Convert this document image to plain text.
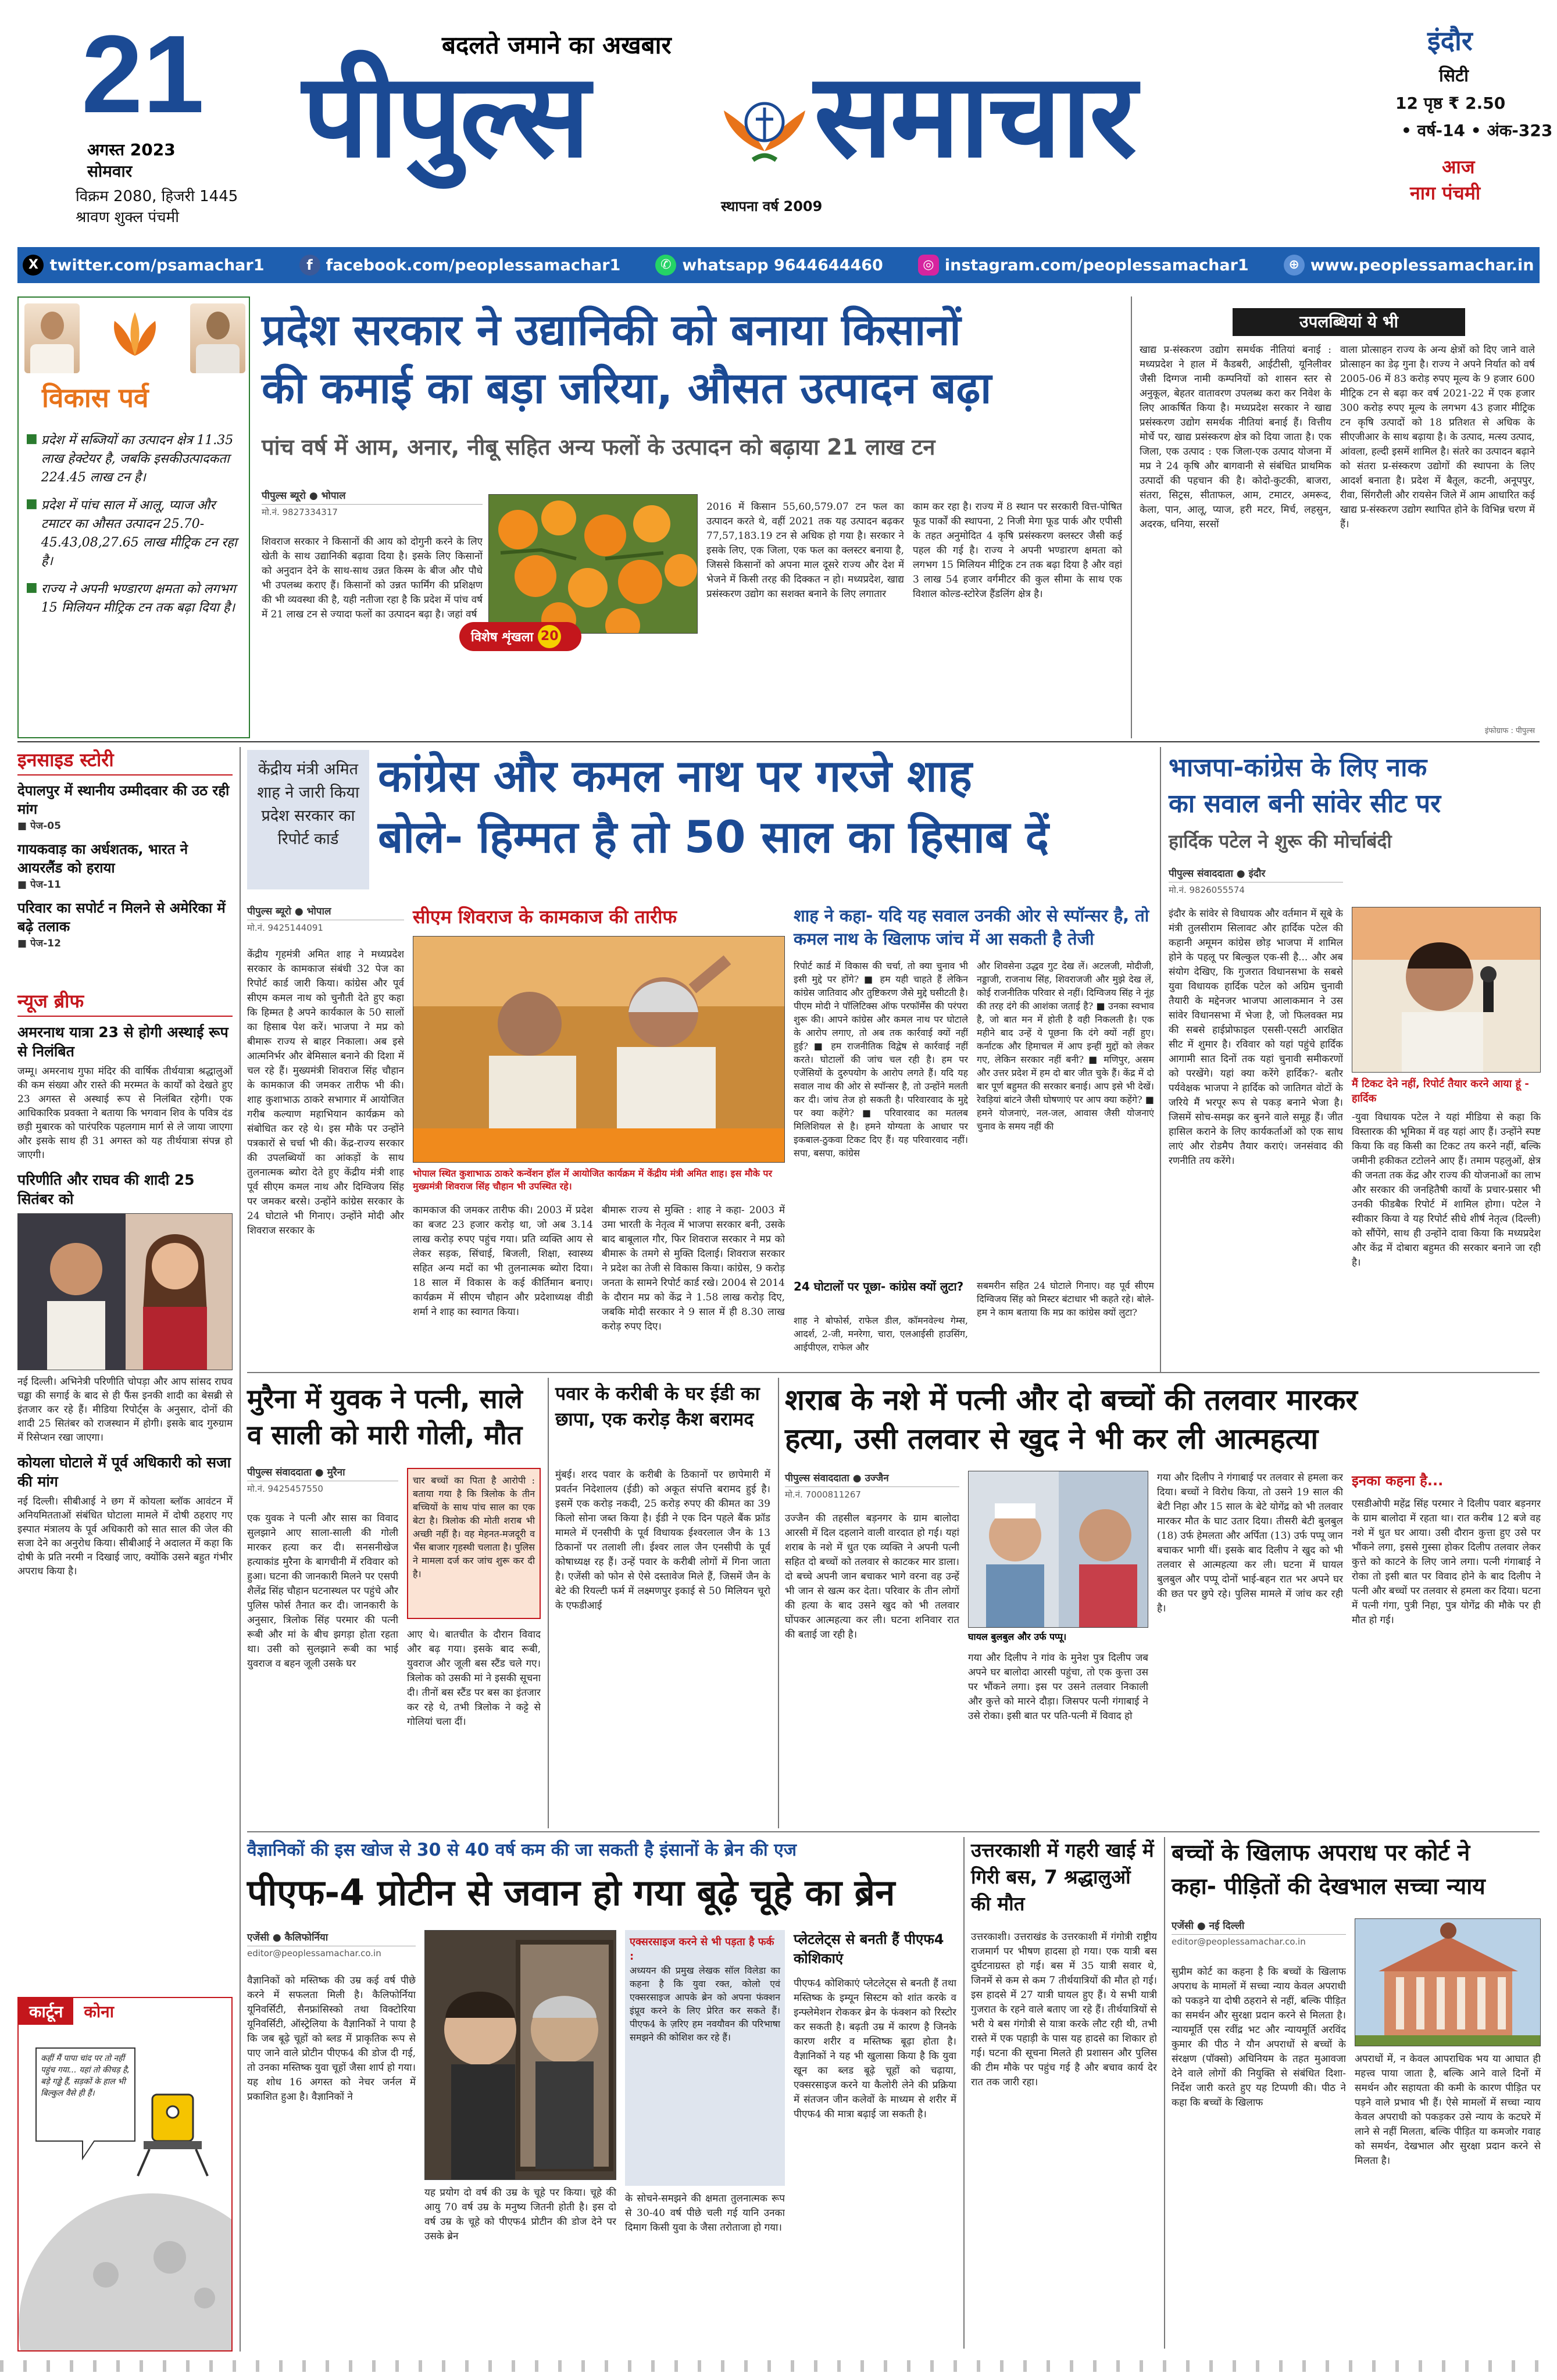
21
अगस्त 2023
सोमवार
विक्रम 2080, हिजरी 1445
श्रावण शुक्ल पंचमी
बदलते जमाने का अखबार
पीपुल्स समाचार
स्थापना वर्ष 2009
इंदौर
सिटी
12 पृष्ठ ₹ 2.50
• वर्ष-14 • अंक-323
आज
नाग पंचमी
X twitter.com/psamachar1	f facebook.com/peoplessamachar1	✆ whatsapp 9644644460	◎ instagram.com/peoplessamachar1	⊕ www.peoplessamachar.in
विकास पर्व
■ प्रदेश में सब्जियों का उत्पादन क्षेत्र 11.35 लाख हेक्टेयर है, जबकि इसकीउत्पादकता 224.45 लाख टन है।
■ प्रदेश में पांच साल में आलू, प्याज और टमाटर का औसत उत्पादन 25.70-45.43,08,27.65 लाख मीट्रिक टन रहा है।
■ राज्य ने अपनी भण्डारण क्षमता को लगभग 15 मिलियन मीट्रिक टन तक बढ़ा दिया है।
प्रदेश सरकार ने उद्यानिकी को बनाया किसानों
की कमाई का बड़ा जरिया, औसत उत्पादन बढ़ा
पांच वर्ष में आम, अनार, नीबू सहित अन्य फलों के उत्पादन को बढ़ाया 21 लाख टन
पीपुल्स ब्यूरो ● भोपाल
मो.नं. 9827334317
शिवराज सरकार ने किसानों की आय को दोगुनी करने के लिए खेती के साथ उद्यानिकी बढ़ावा दिया है। इसके लिए किसानों को अनुदान देने के साथ-साथ उन्नत किस्म के बीज और पौधे भी उपलब्ध कराए हैं। किसानों को उन्नत फार्मिंग की प्रशिक्षण की भी व्यवस्था की है, यही नतीजा रहा है कि प्रदेश में पांच वर्ष में 21 लाख टन से ज्यादा फलों का उत्पादन बढ़ा है। जहां वर्ष
विशेष शृंखला 20
2016 में किसान 55,60,579.07 टन फल का उत्पादन करते थे, वहीं 2021 तक यह उत्पादन बढ़कर 77,57,183.19 टन से अधिक हो गया है। सरकार ने इसके लिए, एक जिला, एक फल का क्लस्टर बनाया है, जिससे किसानों को अपना माल दूसरे राज्य और देश में भेजने में किसी तरह की दिक्कत न हो। मध्यप्रदेश, खाद्य प्रसंस्करण उद्योग का सशक्त बनाने के लिए लगातार
काम कर रहा है। राज्य में 8 स्थान पर सरकारी वित्त-पोषित फूड पार्कों की स्थापना, 2 निजी मेगा फूड पार्क और एपीसी के तहत अनुमोदित 4 कृषि प्रसंस्करण क्लस्टर जैसी कई पहल की गई है। राज्य ने अपनी भण्डारण क्षमता को लगभग 15 मिलियन मीट्रिक टन तक बढ़ा दिया है और वहां 3 लाख 54 हजार वर्गमीटर की कुल सीमा के साथ एक विशाल कोल्ड-स्टोरेज हैंडलिंग क्षेत्र है।
उपलब्धियां ये भी
खाद्य प्र-संस्करण उद्योग समर्थक नीतियां बनाई : मध्यप्रदेश ने हाल में कैडबरी, आईटीसी, यूनिलीवर जैसी दिग्गज नामी कम्पनियों को शासन स्तर से अनुकूल, बेहतर वातावरण उपलब्ध करा कर निवेश के लिए आकर्षित किया है। मध्यप्रदेश सरकार ने खाद्य प्रसंस्करण उद्योग समर्थक नीतियां बनाई हैं। वित्तीय मोर्चे पर, खाद्य प्रसंस्करण क्षेत्र को दिया जाता है। एक जिला, एक उत्पाद : एक जिला-एक उत्पाद योजना में मप्र ने 24 कृषि और बागवानी से संबंधित प्राथमिक उत्पादों की पहचान की है। कोदो-कुटकी, बाजरा, संतरा, सिट्रस, सीताफल, आम, टमाटर, अमरूद, केला, पान, आलू, प्याज, हरी मटर, मिर्च, लहसुन, अदरक, धनिया, सरसों
वाला प्रोत्साहन राज्य के अन्य क्षेत्रों को दिए जाने वाले प्रोत्साहन का डेढ़ गुना है। राज्य ने अपने निर्यात को वर्ष 2005-06 में 83 करोड़ रुपए मूल्य के 9 हजार 600 मीट्रिक टन से बढ़ा कर वर्ष 2021-22 में एक हजार 300 करोड़ रुपए मूल्य के लगभग 43 हजार मीट्रिक टन कृषि उत्पादों को 18 प्रतिशत से अधिक के सीएजीआर के साथ बढ़ाया है। के उत्पाद, मत्स्य उत्पाद, आंवला, हल्दी इसमें शामिल है। संतरे का उत्पादन बढ़ाने को संतरा प्र-संस्करण उद्योगों की स्थापना के लिए आदर्श बनाता है। प्रदेश में बैतूल, कटनी, अनूपपुर, रीवा, सिंगरौली और रायसेन जिले में आम आधारित कई खाद्य प्र-संस्करण उद्योग स्थापित होने के विभिन्न चरण में हैं।
इंफोग्राफ : पीपुल्स
इनसाइड स्टोरी
देपालपुर में स्थानीय उम्मीदवार की उठ रही मांग
■ पेज-05
गायकवाड़ का अर्धशतक, भारत ने आयरलैंड को हराया
■ पेज-11
परिवार का सपोर्ट न मिलने से अमेरिका में बढ़े तलाक
■ पेज-12
न्यूज ब्रीफ
अमरनाथ यात्रा 23 से होगी अस्थाई रूप से निलंबित
जम्मू। अमरनाथ गुफा मंदिर की वार्षिक तीर्थयात्रा श्रद्धालुओं की कम संख्या और रास्ते की मरम्मत के कार्यों को देखते हुए 23 अगस्त से अस्थाई रूप से निलंबित रहेगी। एक आधिकारिक प्रवक्ता ने बताया कि भगवान शिव के पवित्र दंड छड़ी मुबारक को पारंपरिक पहलगाम मार्ग से ले जाया जाएगा और इसके साथ ही 31 अगस्त को यह तीर्थयात्रा संपन्न हो जाएगी।
परिणीति और राघव की शादी 25 सितंबर को
नई दिल्ली। अभिनेत्री परिणीति चोपड़ा और आप सांसद राघव चड्ढा की सगाई के बाद से ही फैंस इनकी शादी का बेसब्री से इंतजार कर रहे हैं। मीडिया रिपोर्ट्स के अनुसार, दोनों की शादी 25 सितंबर को राजस्थान में होगी। इसके बाद गुरुग्राम में रिसेप्शन रखा जाएगा।
कोयला घोटाले में पूर्व अधिकारी को सजा की मांग
नई दिल्ली। सीबीआई ने छग में कोयला ब्लॉक आवंटन में अनियमितताओं संबंधित घोटाला मामले में दोषी ठहराए गए इस्पात मंत्रालय के पूर्व अधिकारी को सात साल की जेल की सजा देने का अनुरोध किया। सीबीआई ने अदालत में कहा कि दोषी के प्रति नरमी न दिखाई जाए, क्योंकि उसने बहुत गंभीर अपराध किया है।
कार्टून	कोना
कहीं मैं पापा चांद पर तो नहीं पहुंच गया... यहां तो कीचड़ है, बड़े गड्ढे हैं, सड़कों के हाल भी बिल्कुल वैसे ही हैं।
केंद्रीय मंत्री अमित शाह ने जारी किया प्रदेश सरकार का रिपोर्ट कार्ड
कांग्रेस और कमल नाथ पर गरजे शाह
बोले- हिम्मत है तो 50 साल का हिसाब दें
पीपुल्स ब्यूरो ● भोपाल
मो.नं. 9425144091
केंद्रीय गृहमंत्री अमित शाह ने मध्यप्रदेश सरकार के कामकाज संबंधी 32 पेज का रिपोर्ट कार्ड जारी किया। कांग्रेस और पूर्व सीएम कमल नाथ को चुनौती देते हुए कहा कि हिम्मत है अपने कार्यकाल के 50 सालों का हिसाब पेश करें। भाजपा ने मप्र को बीमारू राज्य से बाहर निकाला। अब इसे आत्मनिर्भर और बेमिसाल बनाने की दिशा में चल रहे हैं। मुख्यमंत्री शिवराज सिंह चौहान के कामकाज की जमकर तारीफ भी की। शाह कुशाभाऊ ठाकरे सभागार में आयोजित गरीब कल्याण महाभियान कार्यक्रम को संबोधित कर रहे थे। इस मौके पर उन्होंने पत्रकारों से चर्चा भी की। केंद्र-राज्य सरकार की उपलब्धियों का आंकड़ों के साथ तुलनात्मक ब्योरा देते हुए केंद्रीय मंत्री शाह पूर्व सीएम कमल नाथ और दिग्विजय सिंह पर जमकर बरसे। उन्होंने कांग्रेस सरकार के 24 घोटाले भी गिनाए। उन्होंने मोदी और शिवराज सरकार के
सीएम शिवराज के कामकाज की तारीफ
भोपाल स्थित कुशाभाऊ ठाकरे कन्वेंशन हॉल में आयोजित कार्यक्रम में केंद्रीय मंत्री अमित शाह। इस मौके पर मुख्यमंत्री शिवराज सिंह चौहान भी उपस्थित रहे।
कामकाज की जमकर तारीफ की। 2003 में प्रदेश का बजट 23 हजार करोड़ था, जो अब 3.14 लाख करोड़ रुपए पहुंच गया। प्रति व्यक्ति आय से लेकर सड़क, सिंचाई, बिजली, शिक्षा, स्वास्थ्य सहित अन्य मदों का भी तुलनात्मक ब्योरा दिया। 18 साल में विकास के कई कीर्तिमान बनाए। कार्यक्रम में सीएम चौहान और प्रदेशाध्यक्ष वीडी शर्मा ने शाह का स्वागत किया।
बीमारू राज्य से मुक्ति : शाह ने कहा- 2003 में उमा भारती के नेतृत्व में भाजपा सरकार बनी, उसके बाद बाबूलाल गौर, फिर शिवराज सरकार ने मप्र को बीमारू के तमगे से मुक्ति दिलाई। शिवराज सरकार ने प्रदेश का तेजी से विकास किया। कांग्रेस, 9 करोड़ जनता के सामने रिपोर्ट कार्ड रखे। 2004 से 2014 के दौरान मप्र को केंद्र ने 1.58 लाख करोड़ दिए, जबकि मोदी सरकार ने 9 साल में ही 8.30 लाख करोड़ रुपए दिए।
शाह ने कहा- यदि यह सवाल उनकी ओर से स्पॉन्सर है, तो कमल नाथ के खिलाफ जांच में आ सकती है तेजी
रिपोर्ट कार्ड में विकास की चर्चा, तो क्या चुनाव भी इसी मुद्दे पर होंगे? ■ हम यही चाहते हैं लेकिन कांग्रेस जातिवाद और तुष्टिकरण जैसे मुद्दे घसीटती है। पीएम मोदी ने पॉलिटिक्स ऑफ परफॉर्मेंस की परंपरा शुरू की। आपने कांग्रेस और कमल नाथ पर घोटाले के आरोप लगाए, तो अब तक कार्रवाई क्यों नहीं हुई? ■ हम राजनीतिक विद्वेष से कार्रवाई नहीं करते। घोटालों की जांच चल रही है। हम पर एजेंसियों के दुरुपयोग के आरोप लगते हैं। यदि यह सवाल नाथ की ओर से स्पॉन्सर है, तो उन्होंने मलती कर दी। जांच तेज हो सकती है। परिवारवाद के मुद्दे पर क्या कहेंगे? ■ परिवारवाद का मतलब मिलिशियल से है। हमने योग्यता के आधार पर इकबाल-ठुकवा टिकट दिए हैं। यह परिवारवाद नहीं। सपा, बसपा, कांग्रेस
और शिवसेना उद्धव गुट देख लें। अटलजी, मोदीजी, नड्डाजी, राजनाथ सिंह, शिवराजजी और मुझे देख लें, कोई राजनीतिक परिवार से नहीं। दिग्विजय सिंह ने नूंह की तरह दंगे की आशंका जताई है? ■ उनका स्वभाव है, जो बात मन में होती है वही निकलती है। एक महीने बाद उन्हें ये पूछना कि दंगे क्यों नहीं हुए। कर्नाटक और हिमाचल में आप इन्हीं मुद्दों को लेकर गए, लेकिन सरकार नहीं बनी? ■ मणिपुर, असम और उत्तर प्रदेश में हम दो बार जीत चुके हैं। केंद्र में दो बार पूर्ण बहुमत की सरकार बनाई। आप इसे भी देखें। रेवड़ियां बांटने जैसी घोषणाएं पर आप क्या कहेंगे? ■ हमने योजनाएं, नल-जल, आवास जैसी योजनाएं चुनाव के समय नहीं की
24 घोटालों पर पूछा- कांग्रेस क्यों लुटा?
शाह ने बोफोर्स, राफेल डील, कॉमनवेल्थ गेम्स, आदर्श, 2-जी, मनरेगा, चारा, एलआईसी हाउसिंग, आईपीएल, राफेल और
सबमरीन सहित 24 घोटाले गिनाए। वह पूर्व सीएम दिग्विजय सिंह को मिस्टर बंटाधार भी कहते रहे। बोले- हम ने काम बताया कि मप्र का कांग्रेस क्यों लुटा?
भाजपा-कांग्रेस के लिए नाक
का सवाल बनी सांवेर सीट पर
हार्दिक पटेल ने शुरू की मोर्चाबंदी
पीपुल्स संवाददाता ● इंदौर
मो.नं. 9826055574
इंदौर के सांवेर से विधायक और वर्तमान में सूबे के मंत्री तुलसीराम सिलावट और हार्दिक पटेल की कहानी अमूमन कांग्रेस छोड़ भाजपा में शामिल होने के पहलू पर बिल्कुल एक-सी है... और अब संयोग देखिए, कि गुजरात विधानसभा के सबसे युवा विधायक हार्दिक पटेल को अग्रिम चुनावी तैयारी के मद्देनजर भाजपा आलाकमान ने उस सांवेर विधानसभा में भेजा है, जो फिलवक्त मप्र की सबसे हाईप्रोफाइल एससी-एसटी आरक्षित सीट में शुमार है। रविवार को यहां पहुंचे हार्दिक आगामी सात दिनों तक यहां चुनावी समीकरणों को परखेंगे। यहां क्या करेंगे हार्दिक?- बतौर पर्यवेक्षक भाजपा ने हार्दिक को जातिगत वोटों के जरिये मैं भरपूर रूप से पकड़ बनाने भेजा है। जिसमें सोच-समझ कर बुनने वाले समूह हैं। जीत हासिल कराने के लिए कार्यकर्ताओं को एक साथ लाएं और रोडमैप तैयार कराएं। जनसंवाद की रणनीति तय करेंगे।
मैं टिकट देने नहीं, रिपोर्ट तैयार करने आया हूं - हार्दिक
-युवा विधायक पटेल ने यहां मीडिया से कहा कि विस्तारक की भूमिका में वह यहां आए हैं। उन्होंने स्पष्ट किया कि वह किसी का टिकट तय करने नहीं, बल्कि जमीनी हकीकत टटोलने आए हैं। तमाम पहलुओं, क्षेत्र की जनता तक केंद्र और राज्य की योजनाओं का लाभ और सरकार की जनहितैषी कार्यों के प्रचार-प्रसार भी उनकी फीडबैक रिपोर्ट में शामिल होगा। पटेल ने स्वीकार किया वे यह रिपोर्ट सीधे शीर्ष नेतृत्व (दिल्ली) को सौंपेंगे, साथ ही उन्होंने दावा किया कि मध्यप्रदेश और केंद्र में दोबारा बहुमत की सरकार बनाने जा रही है।
मुरैना में युवक ने पत्नी, साले व साली को मारी गोली, मौत
पीपुल्स संवाददाता ● मुरैना
मो.नं. 9425457550
एक युवक ने पत्नी और सास का विवाद सुलझाने आए साला-साली की गोली मारकर हत्या कर दी। सनसनीखेज हत्याकांड मुरैना के बागचीनी में रविवार को हुआ। घटना की जानकारी मिलने पर एसपी शैलेंद्र सिंह चौहान घटनास्थल पर पहुंचे और पुलिस फोर्स तैनात कर दी। जानकारी के अनुसार, त्रिलोक सिंह परमार की पत्नी रूबी और मां के बीच झगड़ा होता रहता था। उसी को सुलझाने रूबी का भाई युवराज व बहन जूली उसके घर
चार बच्चों का पिता है आरोपी : बताया गया है कि त्रिलोक के तीन बच्चियों के साथ पांच साल का एक बेटा है। त्रिलोक की मोती शराब भी अच्छी नहीं है। वह मेहनत-मजदूरी व भैंस बाजार गृहस्थी चलाता है। पुलिस ने मामला दर्ज कर जांच शुरू कर दी है।
आए थे। बातचीत के दौरान विवाद और बढ़ गया। इसके बाद रूबी, युवराज और जूली बस स्टैंड चले गए। त्रिलोक को उसकी मां ने इसकी सूचना दी। तीनों बस स्टैंड पर बस का इंतजार कर रहे थे, तभी त्रिलोक ने कट्टे से गोलियां चला दीं।
पवार के करीबी के घर ईडी का छापा, एक करोड़ कैश बरामद
मुंबई। शरद पवार के करीबी के ठिकानों पर छापेमारी में प्रवर्तन निदेशालय (ईडी) को अकूत संपत्ति बरामद हुई है। इसमें एक करोड़ नकदी, 25 करोड़ रुपए की कीमत का 39 किलो सोना जब्त किया है। ईडी ने एक दिन पहले बैंक फ्रॉड मामले में एनसीपी के पूर्व विधायक ईश्वरलाल जैन के 13 ठिकानों पर तलाशी ली। ईश्वर लाल जैन एनसीपी के पूर्व कोषाध्यक्ष रह हैं। उन्हें पवार के करीबी लोगों में गिना जाता है। एजेंसी को फोन से ऐसे दस्तावेज मिले हैं, जिसमें जैन के बेटे की रियल्टी फर्म में लक्ष्मणपुर इकाई से 50 मिलियन चूरो के एफडीआई
शराब के नशे में पत्नी और दो बच्चों की तलवार मारकर
हत्या, उसी तलवार से खुद ने भी कर ली आत्महत्या
पीपुल्स संवाददाता ● उज्जैन
मो.नं. 7000811267
उज्जैन की तहसील बड़नगर के ग्राम बालोदा आरसी में दिल दहलाने वाली वारदात हो गई। यहां शराब के नशे में धुत एक व्यक्ति ने अपनी पत्नी सहित दो बच्चों को तलवार से काटकर मार डाला। दो बच्चे अपनी जान बचाकर भागे वरना वह उन्हें भी जान से खत्म कर देता। परिवार के तीन लोगों की हत्या के बाद उसने खुद को भी तलवार घोंपकर आत्महत्या कर ली। घटना शनिवार रात की बताई जा रही है।	घायल बुलबुल और उर्फ पप्पू।
गया और दिलीप ने गांव के मुनेश पुत्र दिलीप जब अपने घर बालोदा आरसी पहुंचा, तो एक कुत्ता उस पर भौंकने लगा। इस पर उसने तलवार निकाली और कुत्ते को मारने दौड़ा। जिसपर पत्नी गंगाबाई ने उसे रोका। इसी बात पर पति-पत्नी में विवाद हो
गया और दिलीप ने गंगाबाई पर तलवार से हमला कर दिया। बच्चों ने विरोध किया, तो उसने 19 साल की बेटी निहा और 15 साल के बेटे योगेंद्र को भी तलवार मारकर मौत के घाट उतार दिया। तीसरी बेटी बुलबुल (18) उर्फ हेमलता और अर्पिता (13) उर्फ पप्पू जान बचाकर भागी थीं। इसके बाद दिलीप ने खुद को भी तलवार से आत्महत्या कर ली। घटना में घायल बुलबुल और पप्पू दोनों भाई-बहन रात भर अपने घर की छत पर छुपे रहे। पुलिस मामले में जांच कर रही है।
इनका कहना है...
एसडीओपी महेंद्र सिंह परमार ने दिलीप पवार बड़नगर के ग्राम बालोदा में रहता था। रात करीब 12 बजे वह नशे में धुत घर आया। उसी दौरान कुत्ता हुए उसे पर भौंकने लगा, इससे गुस्सा होकर दिलीप तलवार लेकर कुत्ते को काटने के लिए जाने लगा। पत्नी गंगाबाई ने रोका तो इसी बात पर विवाद होने के बाद दिलीप ने पत्नी और बच्चों पर तलवार से हमला कर दिया। घटना में पत्नी गंगा, पुत्री निहा, पुत्र योगेंद्र की मौके पर ही मौत हो गई।
वैज्ञानिकों की इस खोज से 30 से 40 वर्ष कम की जा सकती है इंसानों के ब्रेन की एज
पीएफ-4 प्रोटीन से जवान हो गया बूढ़े चूहे का ब्रेन
एजेंसी ● कैलिफोर्निया
editor@peoplessamachar.co.in
वैज्ञानिकों को मस्तिष्क की उम्र कई वर्ष पीछे करने में सफलता मिली है। कैलिफोर्निया यूनिवर्सिटी, सैनफ्रांसिस्को तथा विक्टोरिया यूनिवर्सिटी, ऑस्ट्रेलिया के वैज्ञानिकों ने पाया है कि जब बूढ़े चूहों को ब्लड में प्राकृतिक रूप से पाए जाने वाले प्रोटीन पीएफ4 की डोज दी गई, तो उनका मस्तिष्क युवा चूहों जैसा शार्प हो गया। यह शोध 16 अगस्त को नेचर जर्नल में प्रकाशित हुआ है। वैज्ञानिकों ने
यह प्रयोग दो वर्ष की उम्र के चूहे पर किया। चूहे की आयु 70 वर्ष उम्र के मनुष्य जितनी होती है। इस दो वर्ष उम्र के चूहे को पीएफ4 प्रोटीन की डोज देने पर उसके ब्रेन
एक्सरसाइज करने से भी पड़ता है फर्क :
अध्ययन की प्रमुख लेखक सॉल विलेडा का कहना है कि युवा रक्त, कोलो एवं एक्सरसाइज आपके ब्रेन को अपना फंक्शन इंप्रूव करने के लिए प्रेरित कर सकते हैं। पीएफ4 के ज़रिए हम नवयौवन की परिभाषा समझने की कोशिश कर रहे हैं।
के सोचने-समझने की क्षमता तुलनात्मक रूप से 30-40 वर्ष पीछे चली गई यानि उनका दिमाग किसी युवा के जैसा तरोताजा हो गया।
प्लेटलेट्स से बनती हैं पीएफ4 कोशिकाएं
पीएफ4 कोशिकाएं प्लेटलेट्स से बनती हैं तथा मस्तिष्क के इम्यून सिस्टम को शांत करके व इन्फ्लेमेशन रोककर ब्रेन के फंक्शन को रिस्टोर कर सकती है। बढ़ती उम्र में कारण है जिनके कारण शरीर व मस्तिष्क बूढ़ा होता है। वैज्ञानिकों ने यह भी खुलासा किया है कि युवा खून का ब्लड बूढ़े चूहों को चढ़ाया, एक्सरसाइज करने या कैलोरी लेने की प्रक्रिया में संतजन जीन कलेवों के माध्यम से शरीर में पीएफ4 की मात्रा बढ़ाई जा सकती है।
उत्तरकाशी में गहरी खाई में गिरी बस, 7 श्रद्धालुओं की मौत
उत्तरकाशी। उत्तराखंड के उत्तरकाशी में गंगोत्री राष्ट्रीय राजमार्ग पर भीषण हादसा हो गया। एक यात्री बस दुर्घटनाग्रस्त हो गई। बस में 35 यात्री सवार थे, जिनमें से कम से कम 7 तीर्थयात्रियों की मौत हो गई। इस हादसे में 27 यात्री घायल हुए हैं। ये सभी यात्री गुजरात के रहने वाले बताए जा रहे हैं। तीर्थयात्रियों से भरी ये बस गंगोत्री से यात्रा करके लौट रही थी, तभी रास्ते में एक पहाड़ी के पास यह हादसे का शिकार हो गई। घटना की सूचना मिलते ही प्रशासन और पुलिस की टीम मौके पर पहुंच गई है और बचाव कार्य देर रात तक जारी रहा।
बच्चों के खिलाफ अपराध पर कोर्ट ने
कहा- पीड़ितों की देखभाल सच्चा न्याय
एजेंसी ● नई दिल्ली
editor@peoplessamachar.co.in
सुप्रीम कोर्ट का कहना है कि बच्चों के खिलाफ अपराध के मामलों में सच्चा न्याय केवल अपराधी को पकड़ने या दोषी ठहराने से नहीं, बल्कि पीड़ित का समर्थन और सुरक्षा प्रदान करने से मिलता है। न्यायमूर्ति एस रवींद्र भट और न्यायमूर्ति अरविंद कुमार की पीठ ने यौन अपराधों से बच्चों के संरक्षण (पॉक्सो) अधिनियम के तहत मुआवजा देने वाले लोगों की नियुक्ति से संबंधित दिशा-निर्देश जारी करते हुए यह टिप्पणी की। पीठ ने कहा कि बच्चों के खिलाफ
अपराधों में, न केवल आपराधिक भय या आघात ही महत्त्व पाया जाता है, बल्कि आने वाले दिनों में समर्थन और सहायता की कमी के कारण पीड़ित पर पड़ने वाले प्रभाव भी हैं। ऐसे मामलों में सच्चा न्याय केवल अपराधी को पकड़कर उसे न्याय के कटघरे में लाने से नहीं मिलता, बल्कि पीड़ित या कमजोर गवाह को समर्थन, देखभाल और सुरक्षा प्रदान करने से मिलता है।
